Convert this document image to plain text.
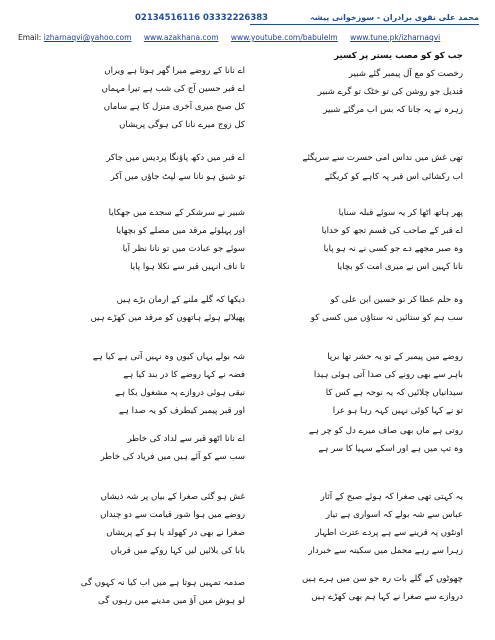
02134516116 03332226383	محمد علی نقوی برادران - سوزخوانی پیشہ
Email: izharnaqvi@yahoo.com www.azakhana.com www.youtube.com/babulelm www.tune.pk/izharnaqvi
جب کو کو مصب یستر پر کسیر
رخصت کو مع آل پیمبر گئے شبیر
قندیل جو روشن کی تو خٹک تو گرے شبیر
زہرہ نے یہ جانا کہ بس اب مرگئے شبیر
اے نانا کے روضے میرا گھر ہوتا ہے ویراں
اے قبر حسین آج کی شب ہے تیرا مہماں
کل صبح میری آخری منزل کا ہے ساماں
کل زوج میرے نانا کی ہوگی پریشاں
تھی غش میں نداس امی حسرت سے سرپگئے
اب رکشائی اس قبر پہ کاہے کو کریگئے
اے قبر میں دکھ پاؤنگا پردیس میں جاکر
تو شیق ہو نانا سے لپٹ جاؤں میں آکر
پھر ہاتھ اٹھا کر یہ سوئے قبلہ سنایا
اے قبر کے صاحب کی قسم تجھ کو خدایا
وہ صبر مجھے دے جو کسی نے نہ ہو پایا
نانا کہیں اس نے میری امت کو بچایا
شبیر نے سرشکر کے سجدے میں جھکایا
اور پہلوئے مرقد میں مصلے کو بچھایا
سوئے جو عبادت میں تو نانا نظر آیا
تا ناف انہیں قبر سے نکلا ہوا پایا
وہ حلم عطا کر تو حسین ابن علی کو
سب ہم کو ستائیں نہ ستاؤں میں کسی کو
دیکھا کہ گلے ملنے کے ارمان بڑے ہیں
پھیلائے ہوئے ہاتھوں کو مرقد میں کھڑے ہیں
روضے میں پیمبر کے تو یہ حشر تھا برپا
باہر سے بھی رونے کی صدا آتی ہوئی ہیدا
سیدانیاں چلائیں کہ یہ نوحہ ہے کس کا
تو نے کہا کوئی نہیں کہہ رہا ہو عرا
شہ بولے یہاں کیوں وہ نہیں آتی ہے کیا ہے
فضہ نے کہا روضے کا در بند کیا ہے
نیقی ہوئی دروازے پہ مشغول بکا ہے
اور قبر پیمبر کیطرف کو یہ صدا ہے
روتی ہے ماں بھی صاف میرے دل کو چر ہے
وہ تپ میں ہے اور اسکے سہیا کا سر ہے
اے نانا اٹھو قبر سے لداد کی خاطر
سب سے کو آئے ہیں میں فریاد کی خاطر
یہ کہتی تھی صغرا کہ ہوئے صبح کے آثار
عباس سے شہ بولے کہ اسواری ہے تیار
اونٹوں پہ قرینے سے ہے پردے عترت اطہار
زہرا سے رہے محمل میں سکینہ سے خبردار
غش ہو گئی صغرا کے بیاں پر شہ ذیشاں
روضے میں ہوا شور قیامت سے دو چنداں
صغرا نے بھی در کھولد یا ہو کے پریشاں
بابا کی بلائیں لیں کہا روکے میں قرباں
چھوٹوں کے گلے بات رہ جو سن میں ہرے ہیں
دروازے سے صغرا نے کہا ہم بھی کھڑے ہیں
صدمہ تمہیں ہوتا ہے میں اب کیا نہ کہوں گی
لو ہوش میں آؤ میں مدینے میں رہوں گی
